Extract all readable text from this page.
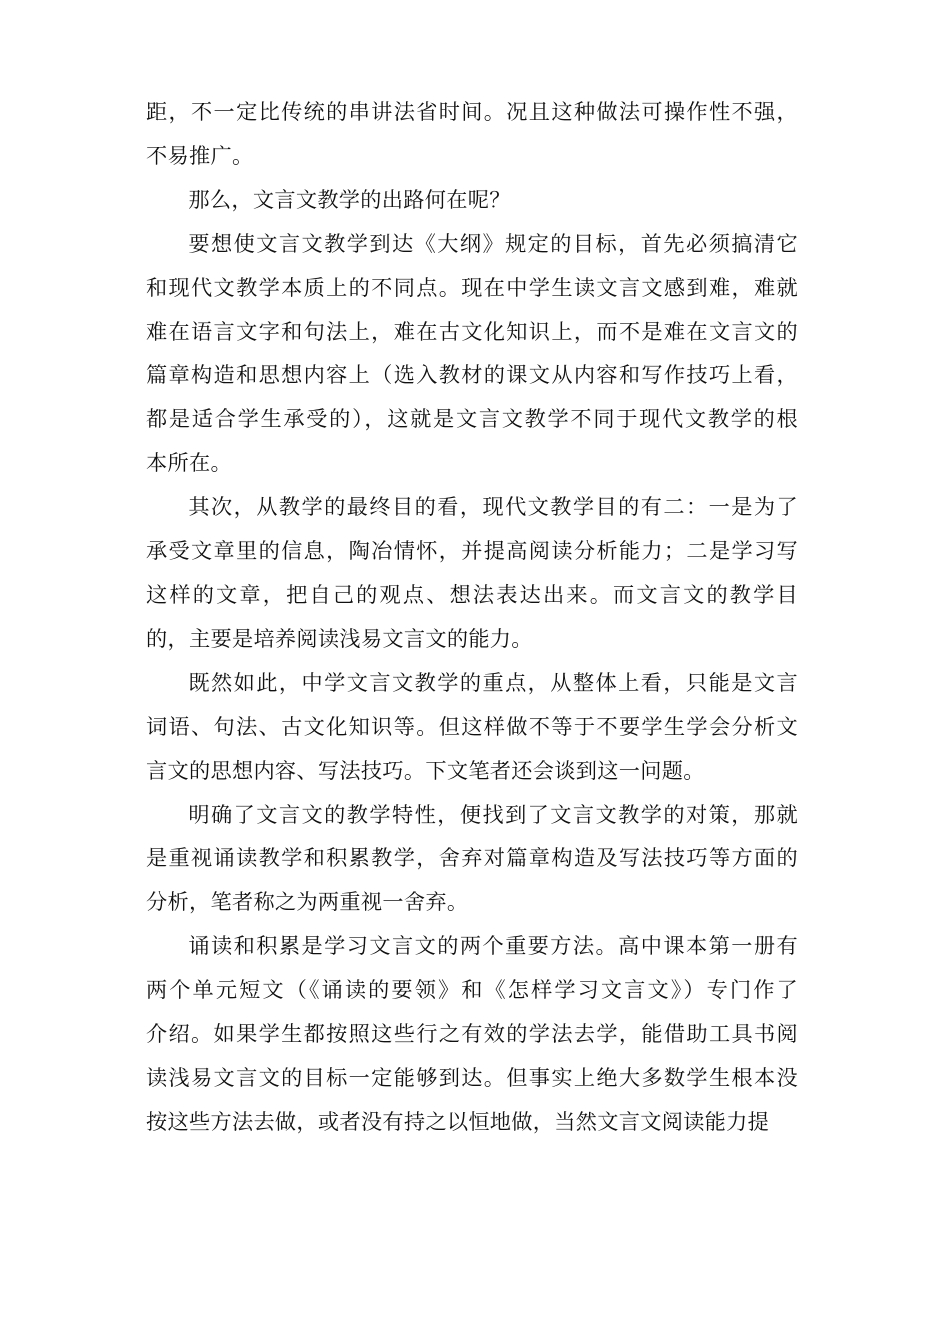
距，不一定比传统的串讲法省时间。况且这种做法可操作性不强，
不易推广。

那么，文言文教学的出路何在呢？

要想使文言文教学到达《大纲》规定的目标，首先必须搞清它
和现代文教学本质上的不同点。现在中学生读文言文感到难，难就
难在语言文字和句法上，难在古文化知识上，而不是难在文言文的
篇章构造和思想内容上（选入教材的课文从内容和写作技巧上看，
都是适合学生承受的），这就是文言文教学不同于现代文教学的根
本所在。

其次，从教学的最终目的看，现代文教学目的有二：一是为了
承受文章里的信息，陶冶情怀，并提高阅读分析能力；二是学习写
这样的文章，把自己的观点、想法表达出来。而文言文的教学目
的，主要是培养阅读浅易文言文的能力。

既然如此，中学文言文教学的重点，从整体上看，只能是文言
词语、句法、古文化知识等。但这样做不等于不要学生学会分析文
言文的思想内容、写法技巧。下文笔者还会谈到这一问题。

明确了文言文的教学特性，便找到了文言文教学的对策，那就
是重视诵读教学和积累教学，舍弃对篇章构造及写法技巧等方面的
分析，笔者称之为两重视一舍弃。

诵读和积累是学习文言文的两个重要方法。高中课本第一册有
两个单元短文（《诵读的要领》和《怎样学习文言文》）专门作了
介绍。如果学生都按照这些行之有效的学法去学，能借助工具书阅
读浅易文言文的目标一定能够到达。但事实上绝大多数学生根本没
按这些方法去做，或者没有持之以恒地做，当然文言文阅读能力提
